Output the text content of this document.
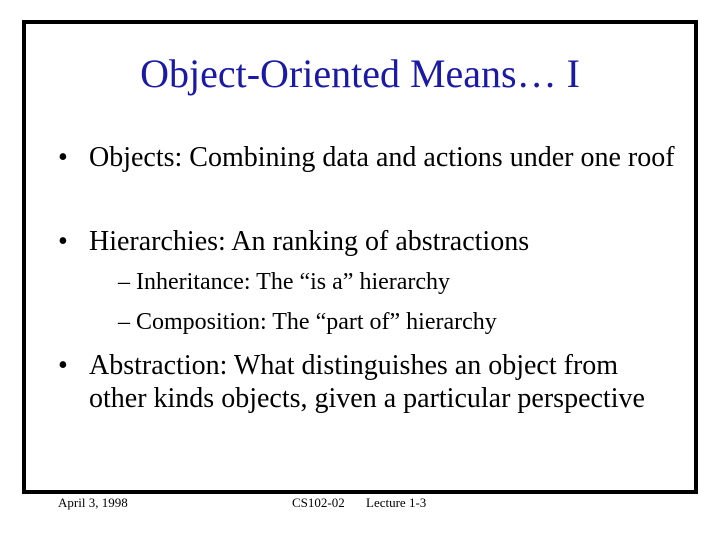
Object-Oriented Means… I
• Objects: Combining data and actions under one roof
• Hierarchies: An ranking of abstractions
– Inheritance: The “is a” hierarchy
– Composition: The “part of” hierarchy
• Abstraction: What distinguishes an object from other kinds objects, given a particular perspective
April 3, 1998	CS102-02 Lecture 1-3
